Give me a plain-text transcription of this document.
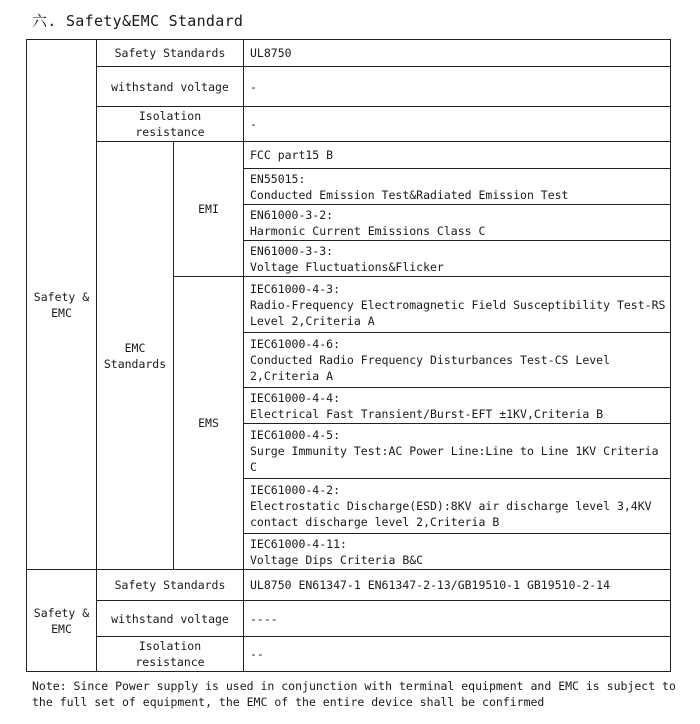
六. Safety&EMC Standard
Safety &
EMC	Safety Standards		UL8750
	withstand voltage		-
	Isolation resistance		-
	EMC
Standards	EMI	FCC part15 B

			EN55015:
Conducted Emission Test&Radiated Emission Test

			EN61000-3-2:
Harmonic Current Emissions Class C

			EN61000-3-3:
Voltage Fluctuations&Flicker

		EMS	IEC61000-4-3:
Radio-Frequency Electromagnetic Field Susceptibility Test-RS Level 2,Criteria A

			IEC61000-4-6:
Conducted Radio Frequency Disturbances Test-CS Level 2,Criteria A

			IEC61000-4-4:
Electrical Fast Transient/Burst-EFT ±1KV,Criteria B

			IEC61000-4-5:
Surge Immunity Test:AC Power Line:Line to Line 1KV Criteria C

			IEC61000-4-2:
Electrostatic Discharge(ESD):8KV air discharge level 3,4KV contact discharge level 2,Criteria B

			IEC61000-4-11:
Voltage Dips Criteria B&C

Safety &
EMC	Safety Standards		UL8750 EN61347-1 EN61347-2-13/GB19510-1 GB19510-2-14
	withstand voltage		----
	Isolation resistance		--
Note: Since Power supply is used in conjunction with terminal equipment and EMC is subject to the full set of equipment, the EMC of the entire device shall be confirmed
